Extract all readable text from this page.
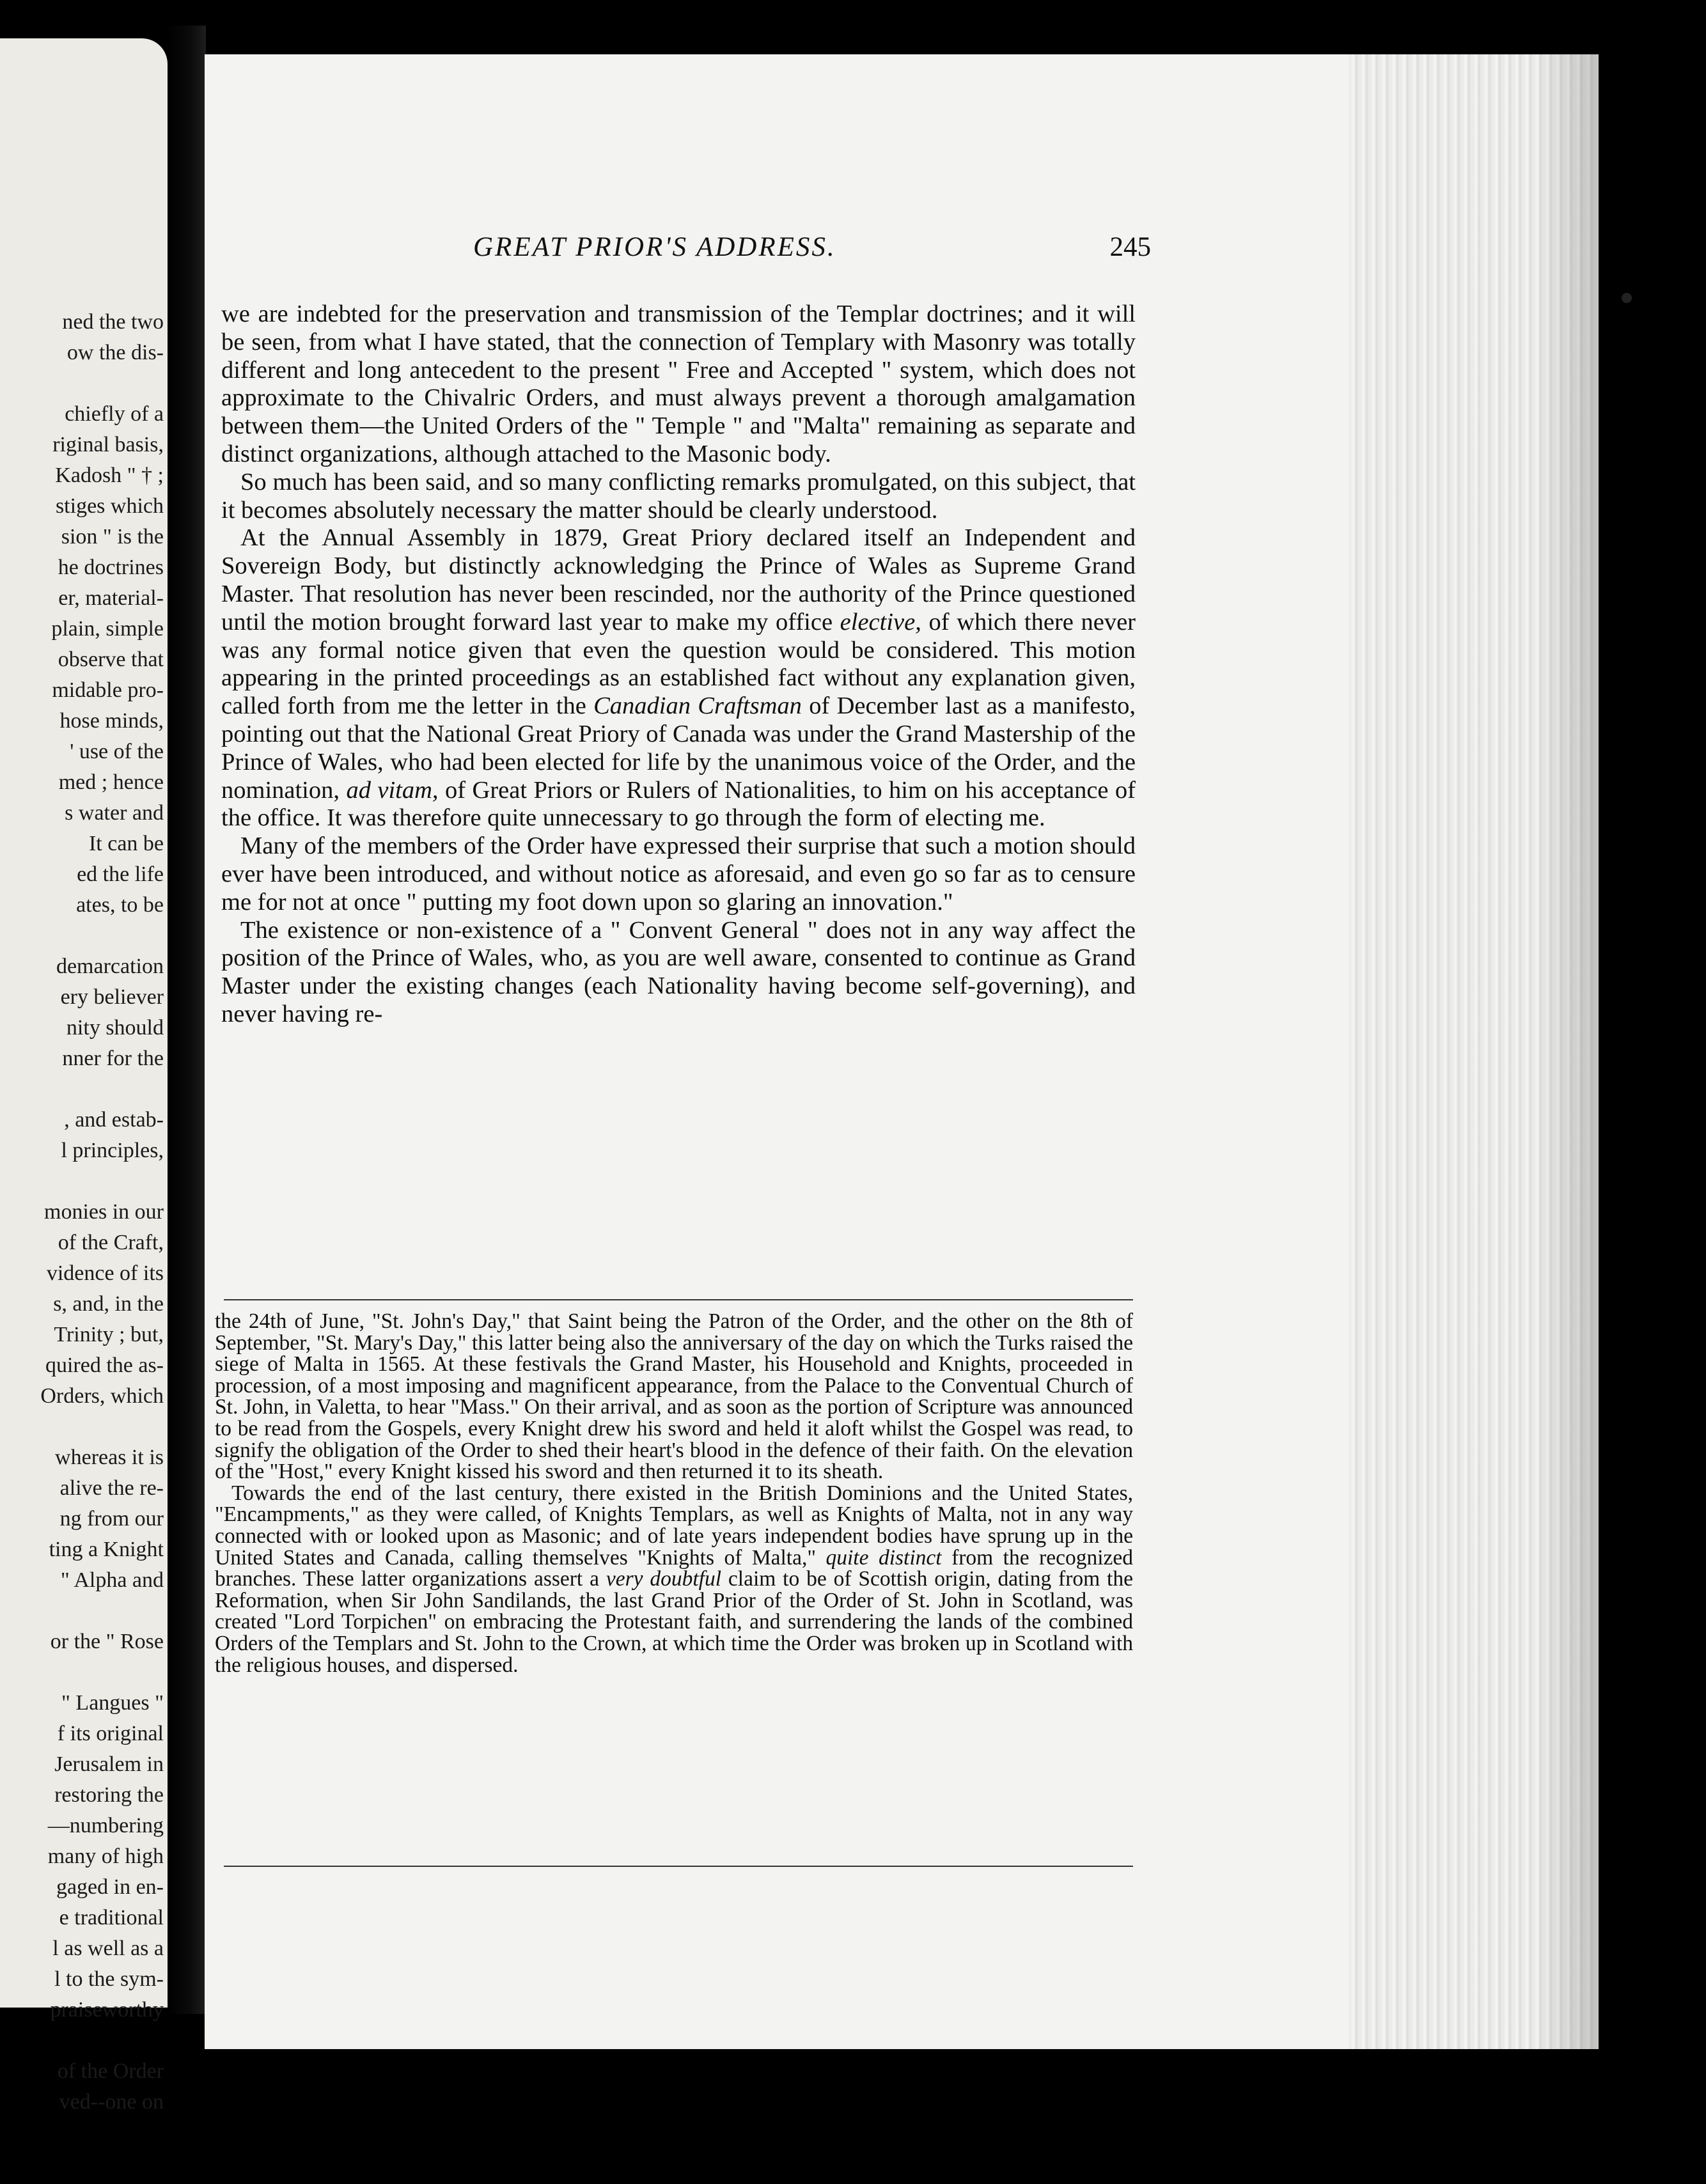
ned the two
ow the dis-
chiefly of a
riginal basis,
Kadosh " † ;
stiges which
sion " is the
he doctrines
er, material-
plain, simple
observe that
midable pro-
hose minds,
' use of the
med ; hence
s water and
It can be
ed the life
ates, to be
demarcation
ery believer
nity should
nner for the
, and estab-
l principles,
monies in our
of the Craft,
vidence of its
s, and, in the
Trinity ; but,
quired the as-
Orders, which
whereas it is
alive the re-
ng from our
ting a Knight
" Alpha and
or the " Rose
" Langues "
f its original
Jerusalem in
restoring the
—numbering
many of high
gaged in en-
e traditional
l as well as a
l to the sym-
praiseworthy
of the Order
ved--one on
GREAT PRIOR'S ADDRESS.	245

we are indebted for the preservation and transmission of the Templar doctrines; and it will be seen, from what I have stated, that the connection of Templary with Masonry was totally different and long antecedent to the present " Free and Accepted " system, which does not approximate to the Chivalric Orders, and must always prevent a thorough amalgamation between them—the United Orders of the " Temple " and "Malta" remaining as separate and distinct organizations, although attached to the Masonic body.

So much has been said, and so many conflicting remarks promulgated, on this subject, that it becomes absolutely necessary the matter should be clearly understood.

At the Annual Assembly in 1879, Great Priory declared itself an Independent and Sovereign Body, but distinctly acknowledging the Prince of Wales as Supreme Grand Master. That resolution has never been rescinded, nor the authority of the Prince questioned until the motion brought forward last year to make my office elective, of which there never was any formal notice given that even the question would be considered. This motion appearing in the printed proceedings as an established fact without any explanation given, called forth from me the letter in the Canadian Craftsman of December last as a manifesto, pointing out that the National Great Priory of Canada was under the Grand Mastership of the Prince of Wales, who had been elected for life by the unanimous voice of the Order, and the nomination, ad vitam, of Great Priors or Rulers of Nationalities, to him on his acceptance of the office. It was therefore quite unnecessary to go through the form of electing me.

Many of the members of the Order have expressed their surprise that such a motion should ever have been introduced, and without notice as aforesaid, and even go so far as to censure me for not at once " putting my foot down upon so glaring an innovation."

The existence or non-existence of a " Convent General " does not in any way affect the position of the Prince of Wales, who, as you are well aware, consented to continue as Grand Master under the existing changes (each Nationality having become self-governing), and never having re-

the 24th of June, "St. John's Day," that Saint being the Patron of the Order, and the other on the 8th of September, "St. Mary's Day," this latter being also the anniversary of the day on which the Turks raised the siege of Malta in 1565. At these festivals the Grand Master, his Household and Knights, proceeded in procession, of a most imposing and magnificent appearance, from the Palace to the Conventual Church of St. John, in Valetta, to hear "Mass." On their arrival, and as soon as the portion of Scripture was announced to be read from the Gospels, every Knight drew his sword and held it aloft whilst the Gospel was read, to signify the obligation of the Order to shed their heart's blood in the defence of their faith. On the elevation of the "Host," every Knight kissed his sword and then returned it to its sheath.

Towards the end of the last century, there existed in the British Dominions and the United States, "Encampments," as they were called, of Knights Templars, as well as Knights of Malta, not in any way connected with or looked upon as Masonic; and of late years independent bodies have sprung up in the United States and Canada, calling themselves "Knights of Malta," quite distinct from the recognized branches. These latter organizations assert a very doubtful claim to be of Scottish origin, dating from the Reformation, when Sir John Sandilands, the last Grand Prior of the Order of St. John in Scotland, was created "Lord Torpichen" on embracing the Protestant faith, and surrendering the lands of the combined Orders of the Templars and St. John to the Crown, at which time the Order was broken up in Scotland with the religious houses, and dispersed.
